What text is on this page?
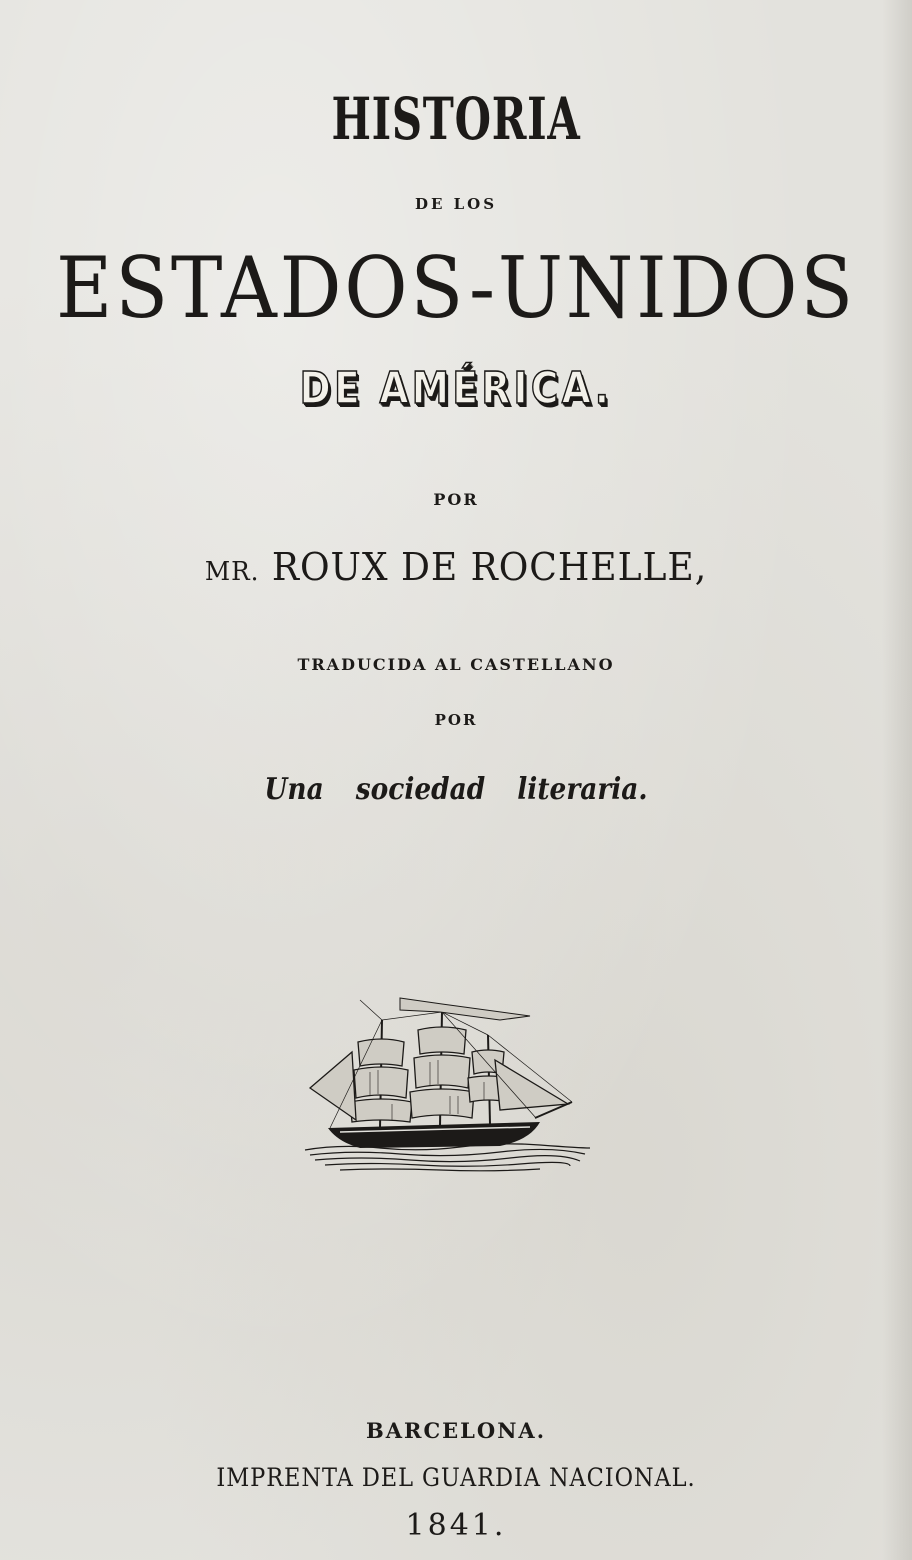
HISTORIA
DE LOS
ESTADOS-UNIDOS
DE AMÉRICA.
POR
MR. ROUX DE ROCHELLE,
TRADUCIDA AL CASTELLANO
POR
Una sociedad literaria.
BARCELONA.
IMPRENTA DEL GUARDIA NACIONAL.
1841.
